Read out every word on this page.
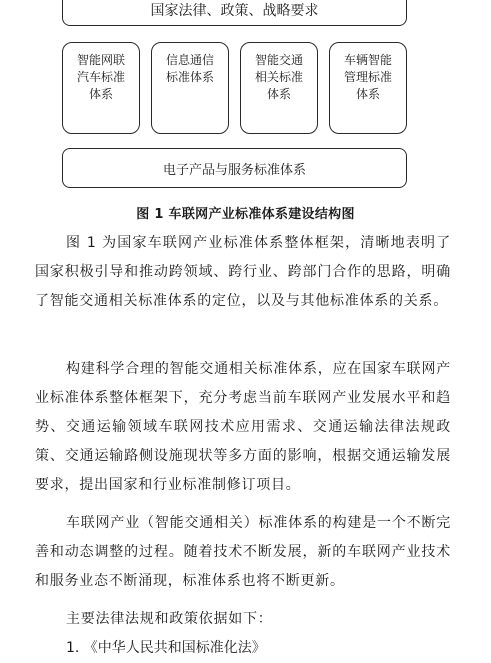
国家法律、政策、战略要求
智能网联汽车标准体系
信息通信标准体系
智能交通相关标准体系
车辆智能管理标准体系
电子产品与服务标准体系
图 1 车联网产业标准体系建设结构图

图 1 为国家车联网产业标准体系整体框架，清晰地表明了国家积极引导和推动跨领域、跨行业、跨部门合作的思路，明确了智能交通相关标准体系的定位，以及与其他标准体系的关系。

构建科学合理的智能交通相关标准体系，应在国家车联网产业标准体系整体框架下，充分考虑当前车联网产业发展水平和趋势、交通运输领域车联网技术应用需求、交通运输法律法规政策、交通运输路侧设施现状等多方面的影响，根据交通运输发展要求，提出国家和行业标准制修订项目。

车联网产业（智能交通相关）标准体系的构建是一个不断完善和动态调整的过程。随着技术不断发展，新的车联网产业技术和服务业态不断涌现，标准体系也将不断更新。

主要法律法规和政策依据如下：

1. 《中华人民共和国标准化法》
